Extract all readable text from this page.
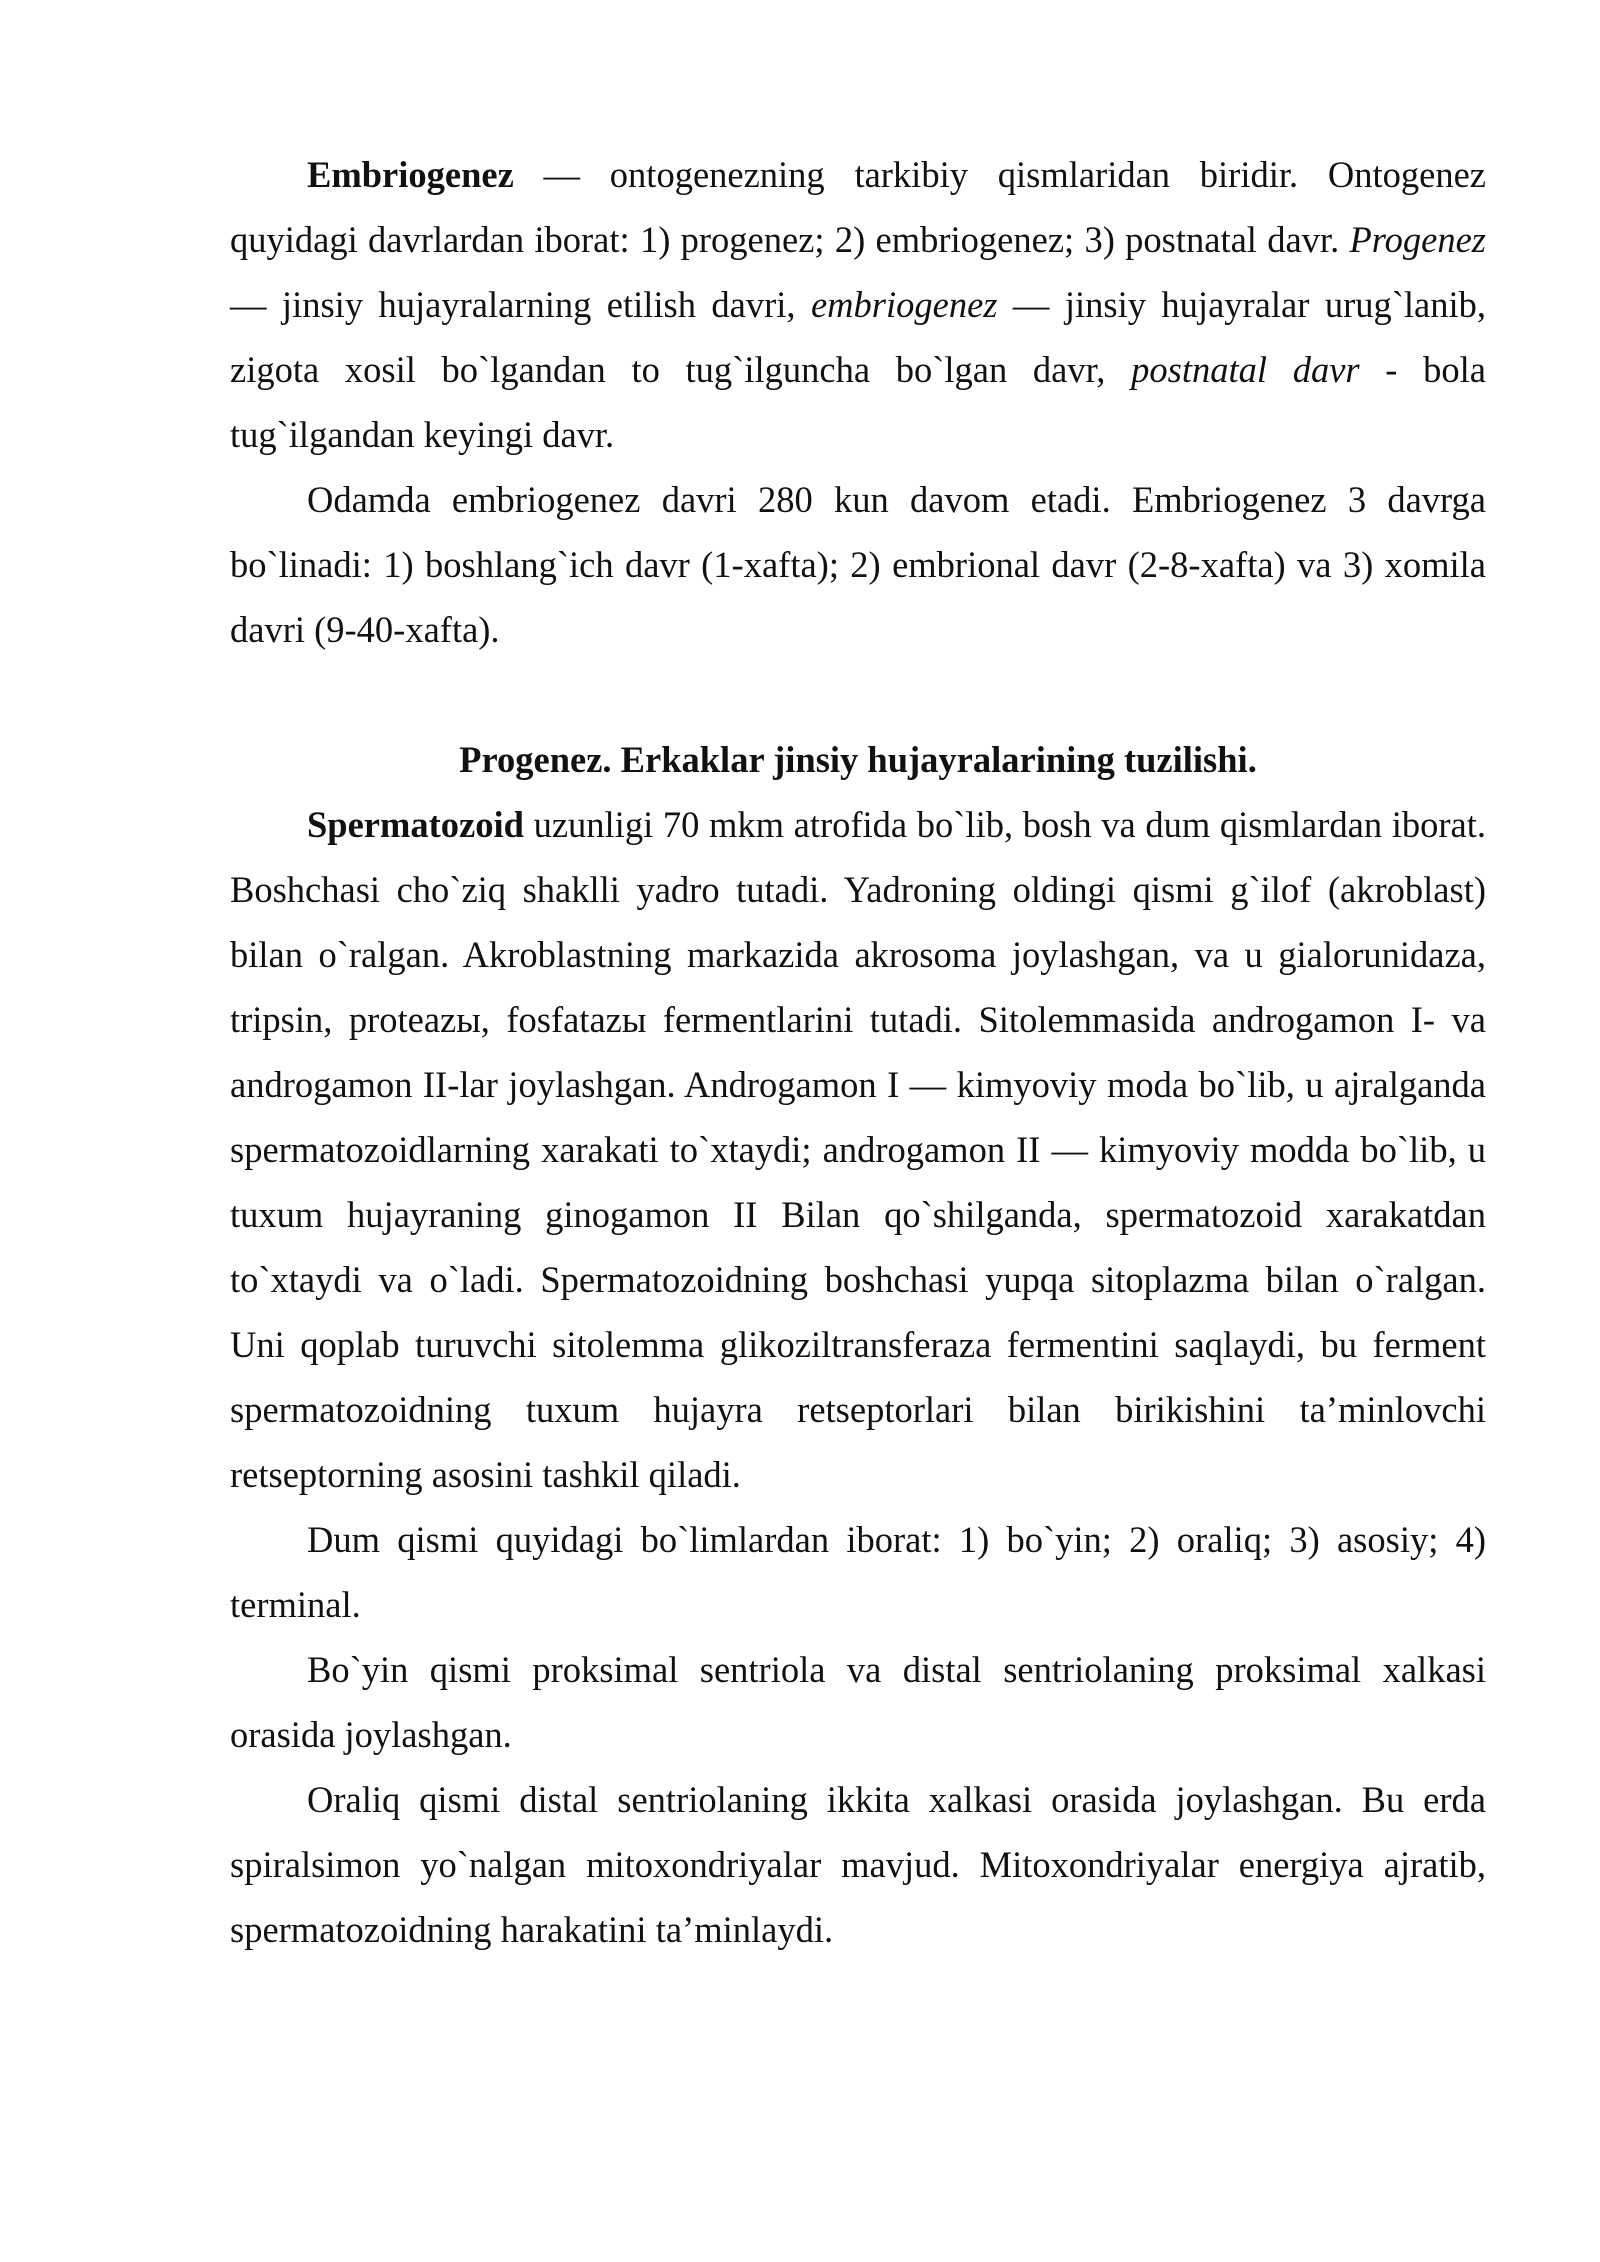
Embriogenez — ontogenezning tarkibiy qismlaridan biridir. Ontogenez quyidagi davrlardan iborat: 1) progenez; 2) embriogenez; 3) postnatal davr. Progenez — jinsiy hujayralarning etilish davri, embriogenez — jinsiy hujayralar urug`lanib, zigota xosil bo`lgandan to tug`ilguncha bo`lgan davr, postnatal davr - bola tug`ilgandan keyingi davr.

Odamda embriogenez davri 280 kun davom etadi. Embriogenez 3 davrga bo`linadi: 1) boshlang`ich davr (1-xafta); 2) embrional davr (2-8-xafta) va 3) xomila davri (9-40-xafta).

Progenez. Erkaklar jinsiy hujayralarining tuzilishi.

Spermatozoid uzunligi 70 mkm atrofida bo`lib, bosh va dum qismlardan iborat. Boshchasi cho`ziq shaklli yadro tutadi. Yadroning oldingi qismi g`ilof (akroblast) bilan o`ralgan. Akroblastning markazida akrosoma joylashgan, va u gialorunidaza, tripsin, proteazы, fosfatazы fermentlarini tutadi. Sitolemmasida androgamon I- va androgamon II-lar joylashgan. Androgamon I — kimyoviy moda bo`lib, u ajralganda spermatozoidlarning xarakati to`xtaydi; androgamon II — kimyoviy modda bo`lib, u tuxum hujayraning ginogamon II Bilan qo`shilganda, spermatozoid xarakatdan to`xtaydi va o`ladi. Spermatozoidning boshchasi yupqa sitoplazma bilan o`ralgan. Uni qoplab turuvchi sitolemma glikoziltransferaza fermentini saqlaydi, bu ferment spermatozoidning tuxum hujayra retseptorlari bilan birikishini ta’minlovchi retseptorning asosini tashkil qiladi.

Dum qismi quyidagi bo`limlardan iborat: 1) bo`yin; 2) oraliq; 3) asosiy; 4) terminal.

Bo`yin qismi proksimal sentriola va distal sentriolaning proksimal xalkasi orasida joylashgan.

Oraliq qismi distal sentriolaning ikkita xalkasi orasida joylashgan. Bu erda spiralsimon yo`nalgan mitoxondriyalar mavjud. Mitoxondriyalar energiya ajratib, spermatozoidning harakatini ta’minlaydi.
